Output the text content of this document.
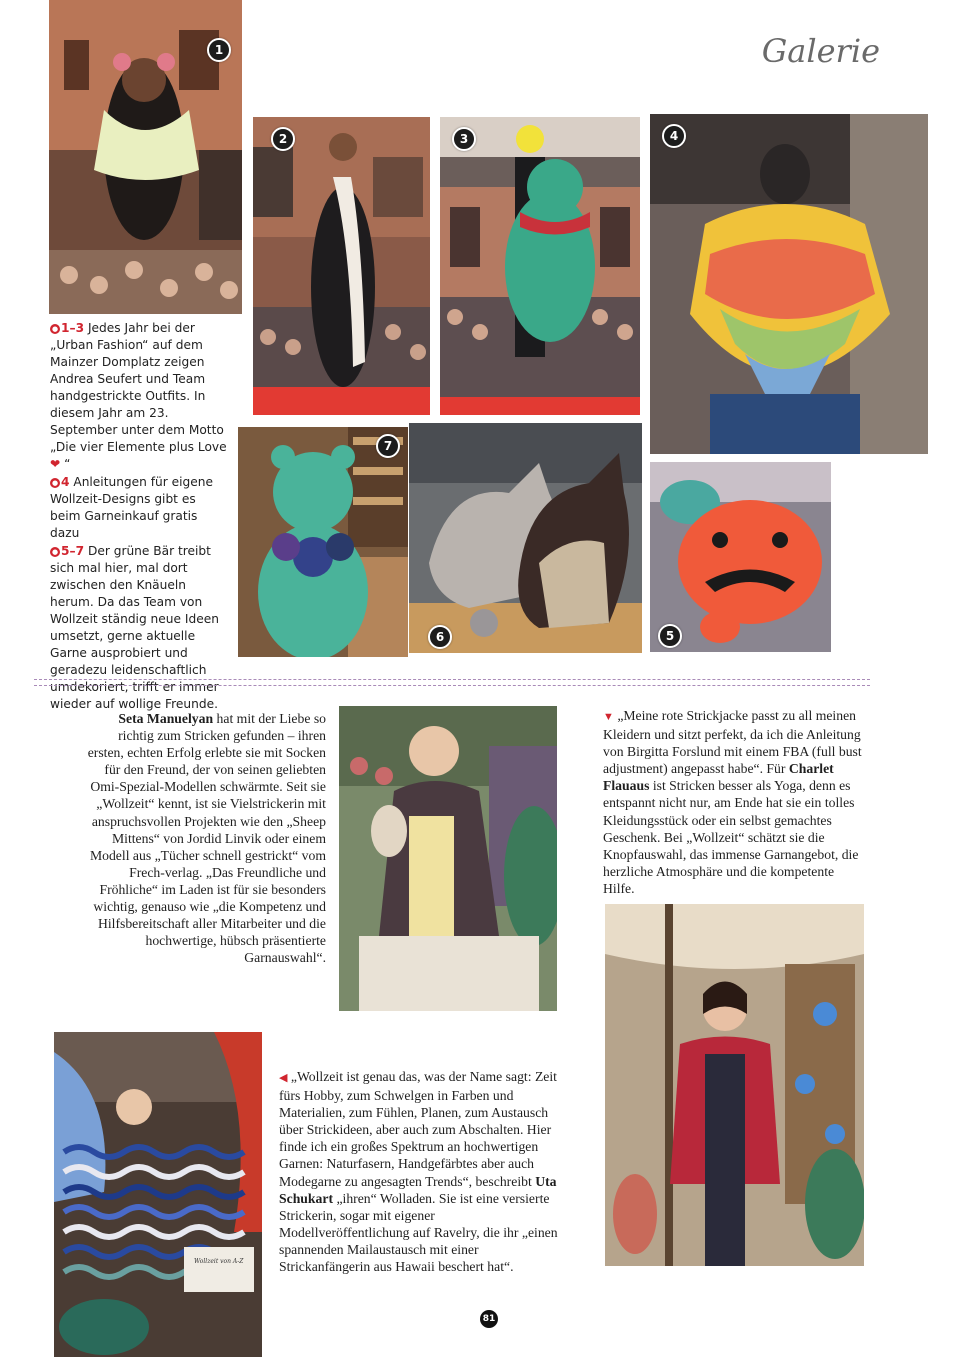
Galerie
1
2	3	4
7
6	5

● 1–3 Jedes Jahr bei der „Urban Fashion“ auf dem Mainzer Domplatz zeigen Andrea Seufert und Team handgestrickte Outfits. In diesem Jahr am 23. September unter dem Motto „Die vier Elemente plus Love ❤ “

● 4 Anleitungen für eigene Wollzeit-Designs gibt es beim Garneinkauf gratis dazu

● 5–7 Der grüne Bär treibt sich mal hier, mal dort zwischen den Knäueln herum. Da das Team von Wollzeit ständig neue Ideen umsetzt, gerne aktuelle Garne ausprobiert und geradezu leidenschaftlich umdekoriert, trifft er immer wieder auf wollige Freunde.

Seta Manuelyan hat mit der Liebe so richtig zum Stricken gefunden – ihren ersten, echten Erfolg erlebte sie mit Socken für den Freund, der von seinen geliebten Omi-Spezial-Modellen schwärmte. Seit sie „Wollzeit“ kennt, ist sie Vielstrickerin mit anspruchsvollen Projekten wie den „Sheep Mittens“ von Jordid Linvik oder einem Modell aus „Tücher schnell gestrickt“ vom Frech-verlag. „Das Freundliche und Fröhliche“ im Laden ist für sie besonders wichtig, genauso wie „die Kompetenz und Hilfsbereitschaft aller Mitarbeiter und die hochwertige, hübsch präsentierte Garnauswahl“.
▼ „Meine rote Strickjacke passt zu all meinen Kleidern und sitzt perfekt, da ich die Anleitung von Birgitta Forslund mit einem FBA (full bust adjustment) angepasst habe“. Für Charlet Flauaus ist Stricken besser als Yoga, denn es entspannt nicht nur, am Ende hat sie ein tolles Kleidungsstück oder ein selbst gemachtes Geschenk. Bei „Wollzeit“ schätzt sie die Knopfauswahl, das immense Garnangebot, die herzliche Atmosphäre und die kompetente Hilfe.
Wollzeit von A-Z
◀ „Wollzeit ist genau das, was der Name sagt: Zeit fürs Hobby, zum Schwelgen in Farben und Materialien, zum Fühlen, Planen, zum Austausch über Strickideen, aber auch zum Abschalten. Hier finde ich ein großes Spektrum an hochwertigen Garnen: Naturfasern, Handgefärbtes aber auch Modegarne zu angesagten Trends“, beschreibt Uta Schukart „ihren“ Wolladen. Sie ist eine versierte Strickerin, sogar mit eigener Modellveröffentlichung auf Ravelry, die ihr „einen spannenden Mailaustausch mit einer Strickanfängerin aus Hawaii beschert hat“.
81
